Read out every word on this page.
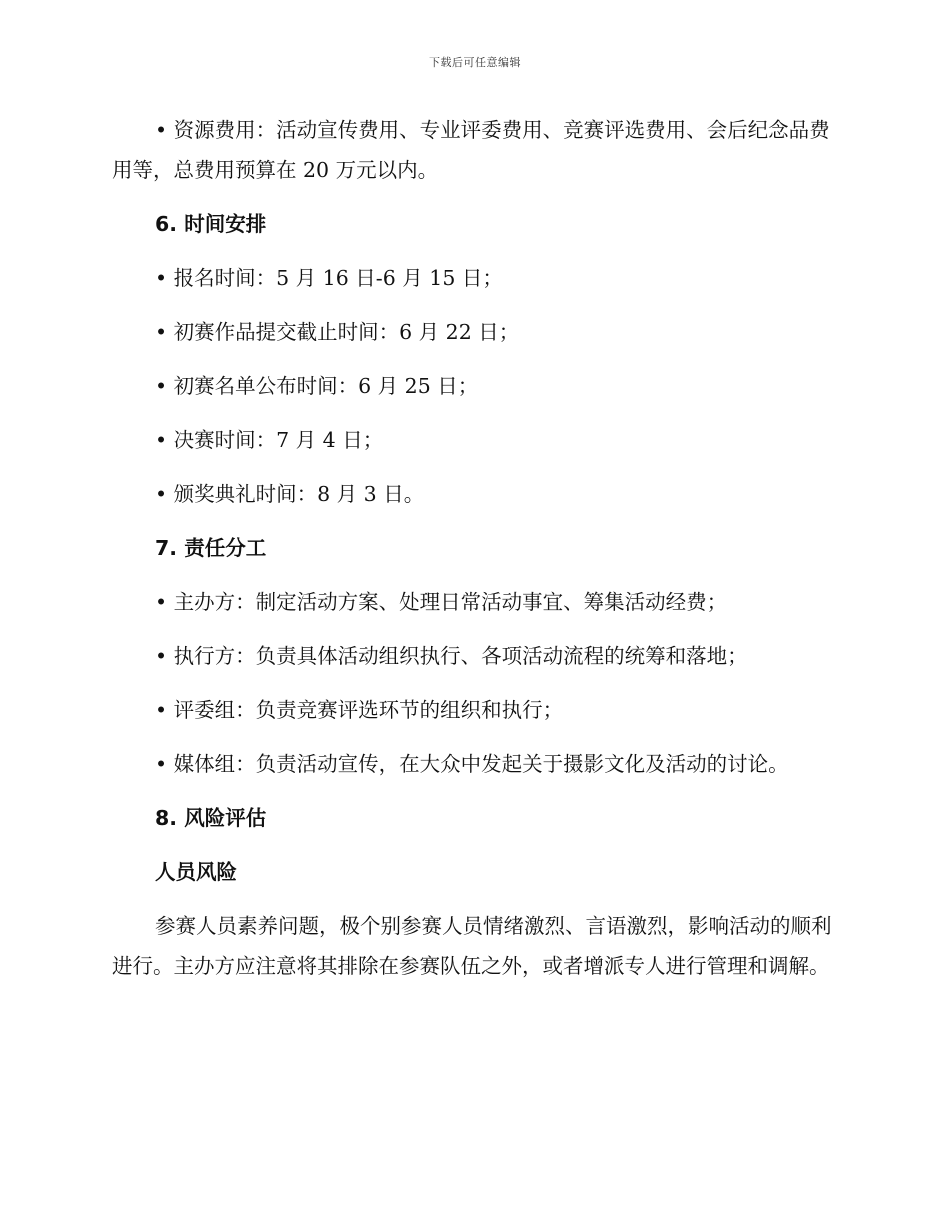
下载后可任意编辑

• 资源费用：活动宣传费用、专业评委费用、竞赛评选费用、会后纪念品费用等，总费用预算在 20 万元以内。

6. 时间安排
• 报名时间：5 月 16 日-6 月 15 日；
• 初赛作品提交截止时间：6 月 22 日；
• 初赛名单公布时间：6 月 25 日；
• 决赛时间：7 月 4 日；
• 颁奖典礼时间：8 月 3 日。
7. 责任分工
• 主办方：制定活动方案、处理日常活动事宜、筹集活动经费；
• 执行方：负责具体活动组织执行、各项活动流程的统筹和落地；
• 评委组：负责竞赛评选环节的组织和执行；
• 媒体组：负责活动宣传，在大众中发起关于摄影文化及活动的讨论。
8. 风险评估
人员风险

参赛人员素养问题，极个别参赛人员情绪激烈、言语激烈，影响活动的顺利进行。主办方应注意将其排除在参赛队伍之外，或者增派专人进行管理和调解。
